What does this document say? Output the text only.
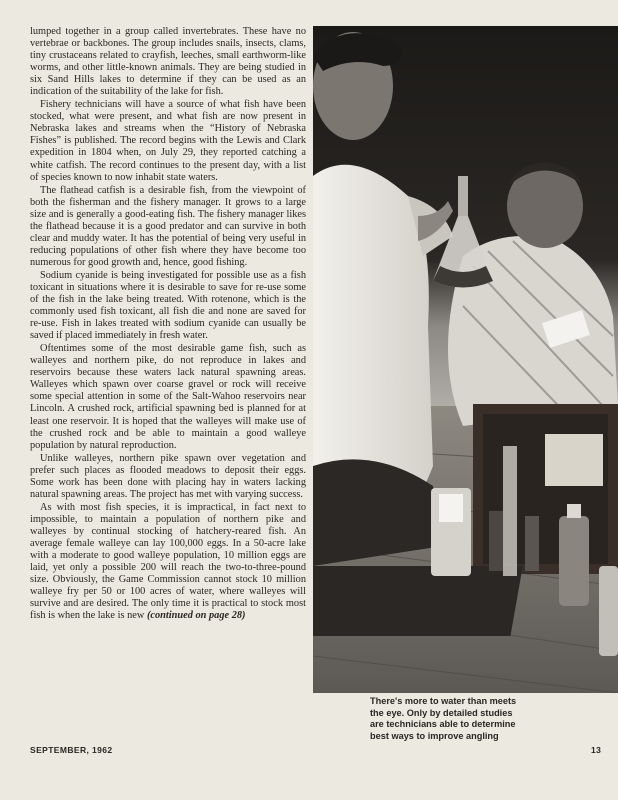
lumped together in a group called invertebrates. These have no vertebrae or backbones. The group includes snails, insects, clams, tiny crustaceans related to crayfish, leeches, small earthworm-like worms, and other little-known animals. They are being studied in six Sand Hills lakes to determine if they can be used as an indication of the suitability of the lake for fish.

Fishery technicians will have a source of what fish have been stocked, what were present, and what fish are now present in Nebraska lakes and streams when the “History of Nebraska Fishes” is published. The record begins with the Lewis and Clark expedition in 1804 when, on July 29, they reported catching a white catfish. The record continues to the present day, with a list of species known to now inhabit state waters.

The flathead catfish is a desirable fish, from the viewpoint of both the fisherman and the fishery manager. It grows to a large size and is generally a good-eating fish. The fishery manager likes the flathead because it is a good predator and can survive in both clear and muddy water. It has the potential of being very useful in reducing populations of other fish where they have become too numerous for good growth and, hence, good fishing.

Sodium cyanide is being investigated for possible use as a fish toxicant in situations where it is desirable to save for re-use some of the fish in the lake being treated. With rotenone, which is the commonly used fish toxicant, all fish die and none are saved for re-use. Fish in lakes treated with sodium cyanide can usually be saved if placed immediately in fresh water.

Oftentimes some of the most desirable game fish, such as walleyes and northern pike, do not reproduce in lakes and reservoirs because these waters lack natural spawning areas. Walleyes which spawn over coarse gravel or rock will receive some special attention in some of the Salt-Wahoo reservoirs near Lincoln. A crushed rock, artificial spawning bed is planned for at least one reservoir. It is hoped that the walleyes will make use of the crushed rock and be able to maintain a good walleye population by natural reproduction.

Unlike walleyes, northern pike spawn over vegetation and prefer such places as flooded meadows to deposit their eggs. Some work has been done with placing hay in waters lacking natural spawning areas. The project has met with varying success.

As with most fish species, it is impractical, in fact next to impossible, to maintain a population of northern pike and walleyes by continual stocking of hatchery-reared fish. An average female walleye can lay 100,000 eggs. In a 50-acre lake with a moderate to good walleye population, 10 million eggs are laid, yet only a possible 200 will reach the two-to-three-pound size. Obviously, the Game Commission cannot stock 10 million walleye fry per 50 or 100 acres of water, where walleyes will survive and are desired. The only time it is practical to stock most fish is when the lake is new (continued on page 28)

There's more to water than meets
the eye. Only by detailed studies
are technicians able to determine
best ways to improve angling
SEPTEMBER, 1962	13
